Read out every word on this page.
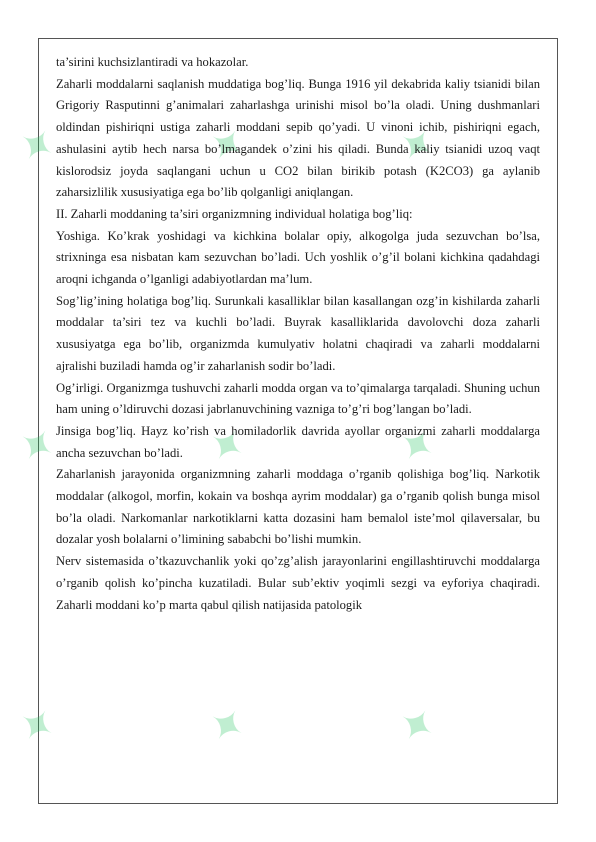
✦	✦	✦
✦	✦	✦
✦	✦	✦

ta’sirini kuchsizlantiradi va hokazolar.

Zaharli moddalarni saqlanish muddatiga bog’liq. Bunga 1916 yil dekabrida kaliy tsianidi bilan Grigoriy Rasputinni g’animalari zaharlashga urinishi misol bo’la oladi. Uning dushmanlari oldindan pishiriqni ustiga zaharli moddani sepib qo’yadi. U vinoni ichib, pishiriqni egach, ashulasini aytib hech narsa bo’lmagandek o’zini his qiladi. Bunda kaliy tsianidi uzoq vaqt kislorodsiz joyda saqlangani uchun u CO2 bilan birikib potash (K2CO3) ga aylanib zaharsizlilik xususiyatiga ega bo’lib qolganligi aniqlangan.

II. Zaharli moddaning ta’siri organizmning individual holatiga bog’liq:

Yoshiga. Ko’krak yoshidagi va kichkina bolalar opiy, alkogolga juda sezuvchan bo’lsa, strixninga esa nisbatan kam sezuvchan bo’ladi. Uch yoshlik o’g’il bolani kichkina qadahdagi aroqni ichganda o’lganligi adabiyotlardan ma’lum.

Sog’lig’ining holatiga bog’liq. Surunkali kasalliklar bilan kasallangan ozg’in kishilarda zaharli moddalar ta’siri tez va kuchli bo’ladi. Buyrak kasalliklarida davolovchi doza zaharli xususiyatga ega bo’lib, organizmda kumulyativ holatni chaqiradi va zaharli moddalarni ajralishi buziladi hamda og’ir zaharlanish sodir bo’ladi.

Og’irligi. Organizmga tushuvchi zaharli modda organ va to’qimalarga tarqaladi. Shuning uchun ham uning o’ldiruvchi dozasi jabrlanuvchining vazniga to’g’ri bog’langan bo’ladi.

Jinsiga bog’liq. Hayz ko’rish va homiladorlik davrida ayollar organizmi zaharli moddalarga ancha sezuvchan bo’ladi.

Zaharlanish jarayonida organizmning zaharli moddaga o’rganib qolishiga bog’liq. Narkotik moddalar (alkogol, morfin, kokain va boshqa ayrim moddalar) ga o’rganib qolish bunga misol bo’la oladi. Narkomanlar narkotiklarni katta dozasini ham bemalol iste’mol qilaversalar, bu dozalar yosh bolalarni o’limining sababchi bo’lishi mumkin.

Nerv sistemasida o’tkazuvchanlik yoki qo’zg’alish jarayonlarini engillashtiruvchi moddalarga o’rganib qolish ko’pincha kuzatiladi. Bular sub’ektiv yoqimli sezgi va eyforiya chaqiradi. Zaharli moddani ko’p marta qabul qilish natijasida patologik
